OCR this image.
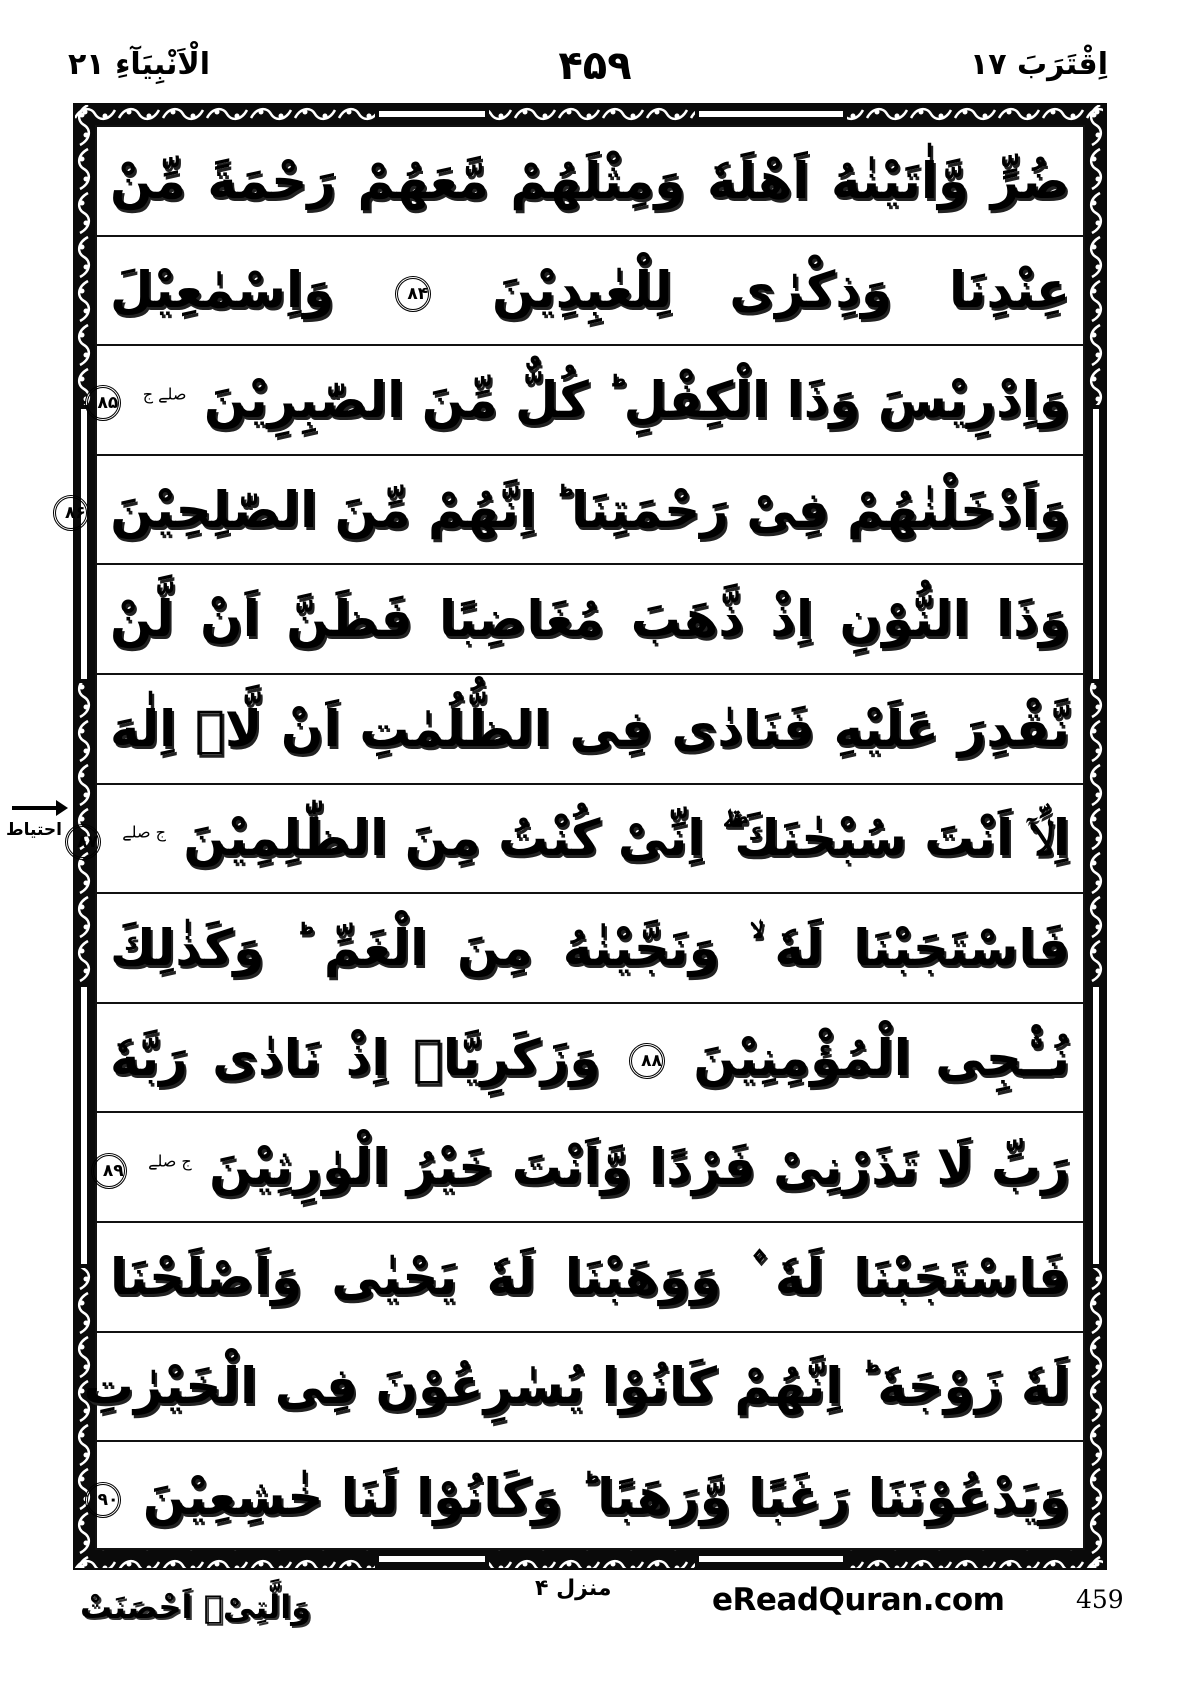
الْاَنْبِیَآءِ ۲۱	۴۵۹	اِقْتَرَبَ ۱۷
ضُرٍّ وَّاٰتَیْنٰهُ اَهْلَهٗ وَمِثْلَهُمْ مَّعَهُمْ رَحْمَةً مِّنْ
عِنْدِنَا وَذِكْرٰى لِلْعٰبِدِیْنَ ۸۴ وَاِسْمٰعِیْلَ
وَاِدْرِیْسَ وَذَا الْكِفْلِ ؕ كُلٌّ مِّنَ الصّٰبِرِیْنَ $^{صلے ج}$ ۸۵
وَاَدْخَلْنٰهُمْ فِیْ رَحْمَتِنَا ؕ اِنَّهُمْ مِّنَ الصّٰلِحِیْنَ ۸۶
وَذَا النُّوْنِ اِذْ ذَّهَبَ مُغَاضِبًا فَظَنَّ اَنْ لَّنْ
نَّقْدِرَ عَلَیْهِ فَنَادٰى فِی الظُّلُمٰتِ اَنْ لَّاۤ اِلٰهَ
اِلَّاۤ اَنْتَ سُبْحٰنَكَ ۖۗ اِنِّیْ كُنْتُ مِنَ الظّٰلِمِیْنَ $^{ج صلے}$ ۸۷
فَاسْتَجَبْنَا لَهٗ ۙ وَنَجَّیْنٰهُ مِنَ الْغَمِّ ؕ وَكَذٰلِكَ
نُـْۨجِی الْمُؤْمِنِیْنَ ۸۸ وَزَكَرِیَّاۤ اِذْ نَادٰى رَبَّهٗ
رَبِّ لَا تَذَرْنِیْ فَرْدًا وَّاَنْتَ خَیْرُ الْوٰرِثِیْنَ $^{ج صلے}$ ۸۹
فَاسْتَجَبْنَا لَهٗ ۫ وَوَهَبْنَا لَهٗ یَحْیٰى وَاَصْلَحْنَا
لَهٗ زَوْجَهٗ ؕ اِنَّهُمْ كَانُوْا یُسٰرِعُوْنَ فِی الْخَیْرٰتِ
وَیَدْعُوْنَنَا رَغَبًا وَّرَهَبًا ؕ وَكَانُوْا لَنَا خٰشِعِیْنَ ۹۰
احتیاط
وَالَّتِیْۤ اَحْصَنَتْ	منزل ۴	eReadQuran.com	459
